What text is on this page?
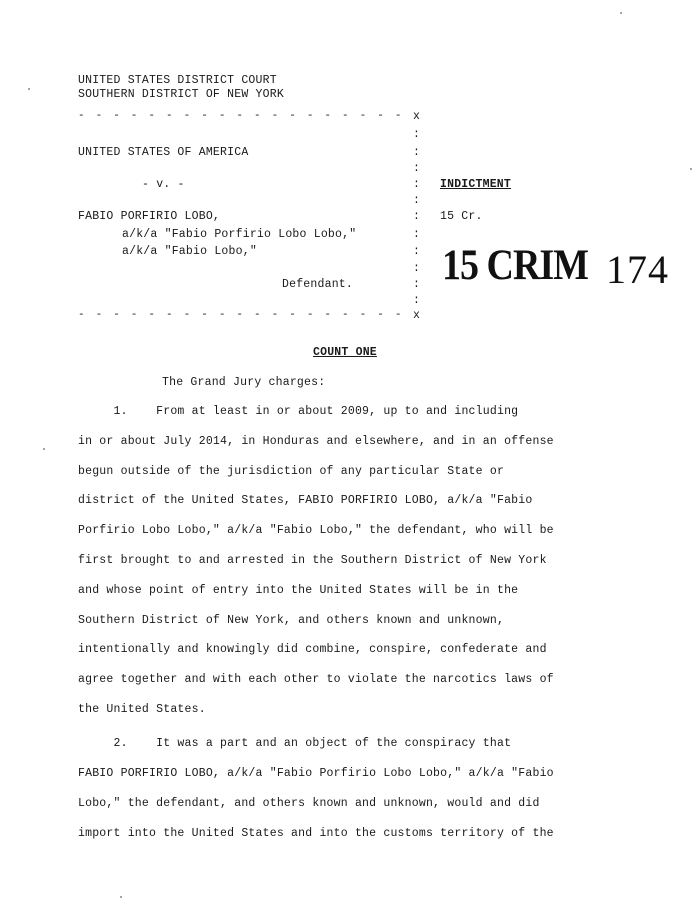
UNITED STATES DISTRICT COURT
SOUTHERN DISTRICT OF NEW YORK
- - - - - - - - - - - - - - - - - - - x
UNITED STATES OF AMERICA
- v. -
FABIO PORFIRIO LOBO,
a/k/a "Fabio Porfirio Lobo Lobo,"
a/k/a "Fabio Lobo,"
Defendant.
:
:
:
:
:
:
:
:
:
:
:
INDICTMENT
15 Cr.
15 CRIM 174
- - - - - - - - - - - - - - - - - - - x
COUNT ONE
The Grand Jury charges:
1.    From at least in or about 2009, up to and including
in or about July 2014, in Honduras and elsewhere, and in an offense
begun outside of the jurisdiction of any particular State or
district of the United States, FABIO PORFIRIO LOBO, a/k/a "Fabio
Porfirio Lobo Lobo," a/k/a "Fabio Lobo," the defendant, who will be
first brought to and arrested in the Southern District of New York
and whose point of entry into the United States will be in the
Southern District of New York, and others known and unknown,
intentionally and knowingly did combine, conspire, confederate and
agree together and with each other to violate the narcotics laws of
the United States.
2.    It was a part and an object of the conspiracy that
FABIO PORFIRIO LOBO, a/k/a "Fabio Porfirio Lobo Lobo," a/k/a "Fabio
Lobo," the defendant, and others known and unknown, would and did
import into the United States and into the customs territory of the
